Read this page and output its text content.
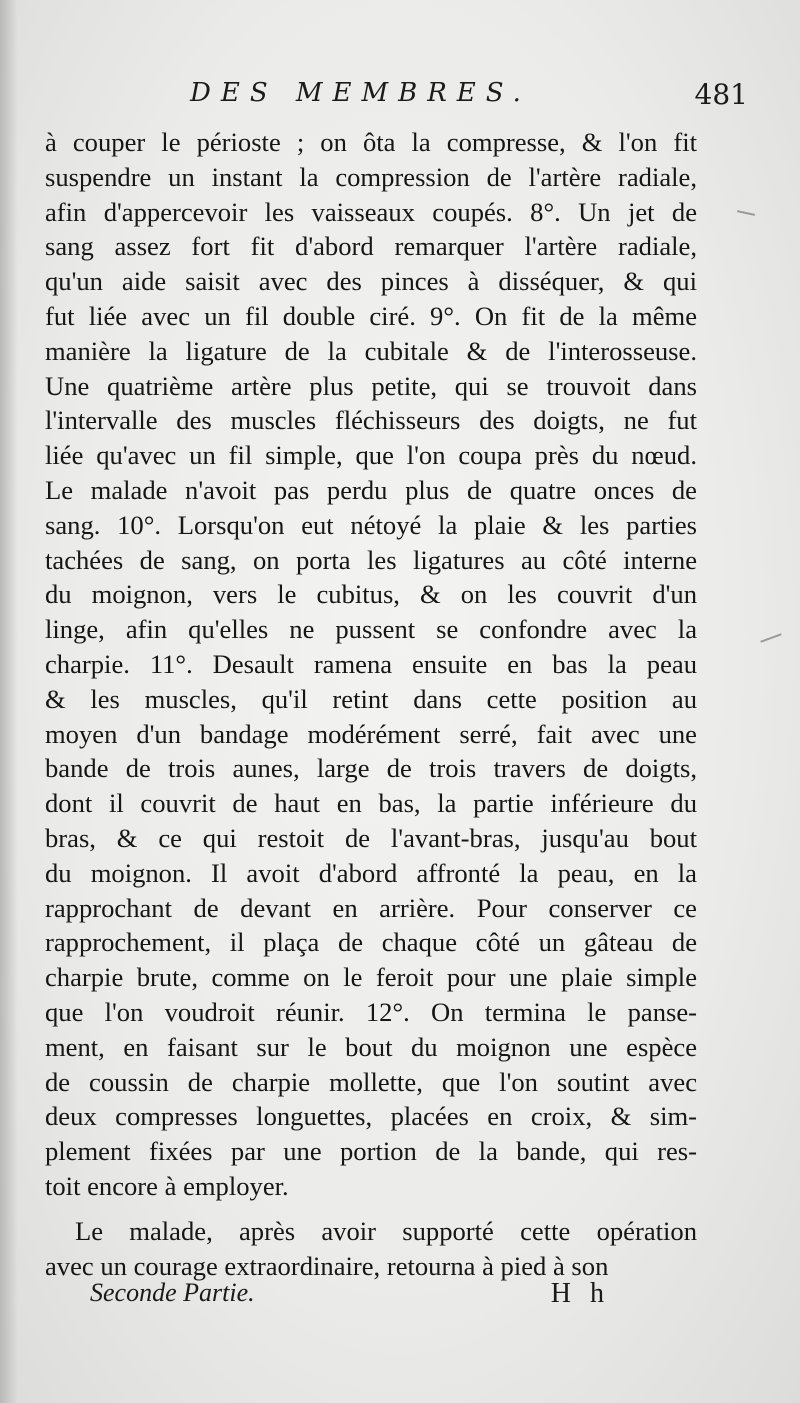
DES MEMBRES.	481
à couper le périoste ; on ôta la compresse, & l'on fit
suspendre un instant la compression de l'artère radiale,
afin d'appercevoir les vaisseaux coupés. 8°. Un jet de
sang assez fort fit d'abord remarquer l'artère radiale,
qu'un aide saisit avec des pinces à disséquer, & qui
fut liée avec un fil double ciré. 9°. On fit de la même
manière la ligature de la cubitale & de l'interosseuse.
Une quatrième artère plus petite, qui se trouvoit dans
l'intervalle des muscles fléchisseurs des doigts, ne fut
liée qu'avec un fil simple, que l'on coupa près du nœud.
Le malade n'avoit pas perdu plus de quatre onces de
sang. 10°. Lorsqu'on eut nétoyé la plaie & les parties
tachées de sang, on porta les ligatures au côté interne
du moignon, vers le cubitus, & on les couvrit d'un
linge, afin qu'elles ne pussent se confondre avec la
charpie. 11°. Desault ramena ensuite en bas la peau
& les muscles, qu'il retint dans cette position au
moyen d'un bandage modérément serré, fait avec une
bande de trois aunes, large de trois travers de doigts,
dont il couvrit de haut en bas, la partie inférieure du
bras, & ce qui restoit de l'avant-bras, jusqu'au bout
du moignon. Il avoit d'abord affronté la peau, en la
rapprochant de devant en arrière. Pour conserver ce
rapprochement, il plaça de chaque côté un gâteau de
charpie brute, comme on le feroit pour une plaie simple
que l'on voudroit réunir. 12°. On termina le panse-
ment, en faisant sur le bout du moignon une espèce
de coussin de charpie mollette, que l'on soutint avec
deux compresses longuettes, placées en croix, & sim-
plement fixées par une portion de la bande, qui res-
toit encore à employer.
Le malade, après avoir supporté cette opération
avec un courage extraordinaire, retourna à pied à son
Seconde Partie.	H h
